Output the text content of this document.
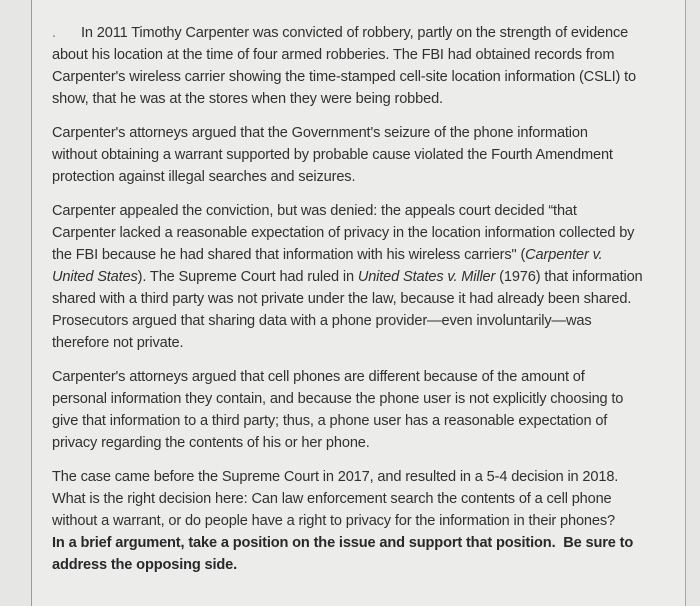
. In 2011 Timothy Carpenter was convicted of robbery, partly on the strength of evidence
about his location at the time of four armed robberies. The FBI had obtained records from
Carpenter's wireless carrier showing the time-stamped cell-site location information (CSLI) to
show, that he was at the stores when they were being robbed.

Carpenter's attorneys argued that the Government's seizure of the phone information
without obtaining a warrant supported by probable cause violated the Fourth Amendment
protection against illegal searches and seizures.

Carpenter appealed the conviction, but was denied: the appeals court decided “that
Carpenter lacked a reasonable expectation of privacy in the location information collected by
the FBI because he had shared that information with his wireless carriers" (Carpenter v.
United States). The Supreme Court had ruled in United States v. Miller (1976) that information
shared with a third party was not private under the law, because it had already been shared.
Prosecutors argued that sharing data with a phone provider—even involuntarily—was
therefore not private.

Carpenter's attorneys argued that cell phones are different because of the amount of
personal information they contain, and because the phone user is not explicitly choosing to
give that information to a third party; thus, a phone user has a reasonable expectation of
privacy regarding the contents of his or her phone.

The case came before the Supreme Court in 2017, and resulted in a 5-4 decision in 2018.
What is the right decision here: Can law enforcement search the contents of a cell phone
without a warrant, or do people have a right to privacy for the information in their phones?
In a brief argument, take a position on the issue and support that position.  Be sure to
address the opposing side.
